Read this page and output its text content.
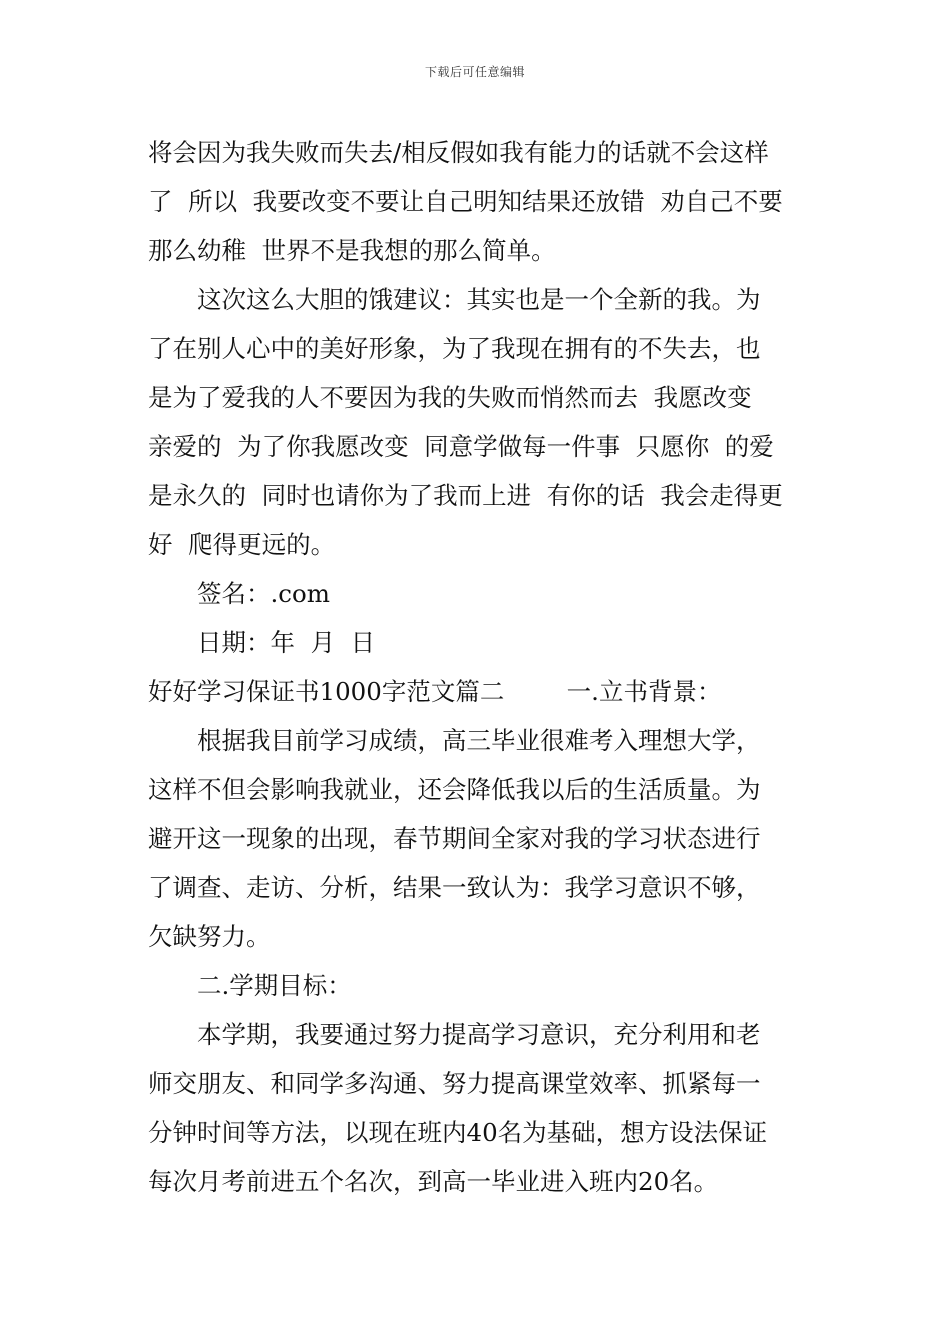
下载后可任意编辑
将会因为我失败而失去/相反假如我有能力的话就不会这样
了  所以  我要改变不要让自己明知结果还放错  劝自己不要
那么幼稚  世界不是我想的那么简单。
这次这么大胆的饿建议：其实也是一个全新的我。为
了在别人心中的美好形象，为了我现在拥有的不失去，也
是为了爱我的人不要因为我的失败而悄然而去  我愿改变
亲爱的  为了你我愿改变  同意学做每一件事  只愿你  的爱
是永久的  同时也请你为了我而上进  有你的话  我会走得更
好  爬得更远的。
签名：.com
日期：年  月  日
好好学习保证书1000字范文篇二        一.立书背景：
根据我目前学习成绩，高三毕业很难考入理想大学，
这样不但会影响我就业，还会降低我以后的生活质量。为
避开这一现象的出现，春节期间全家对我的学习状态进行
了调查、走访、分析，结果一致认为：我学习意识不够，
欠缺努力。
二.学期目标：
本学期，我要通过努力提高学习意识，充分利用和老
师交朋友、和同学多沟通、努力提高课堂效率、抓紧每一
分钟时间等方法，以现在班内40名为基础，想方设法保证
每次月考前进五个名次，到高一毕业进入班内20名。
